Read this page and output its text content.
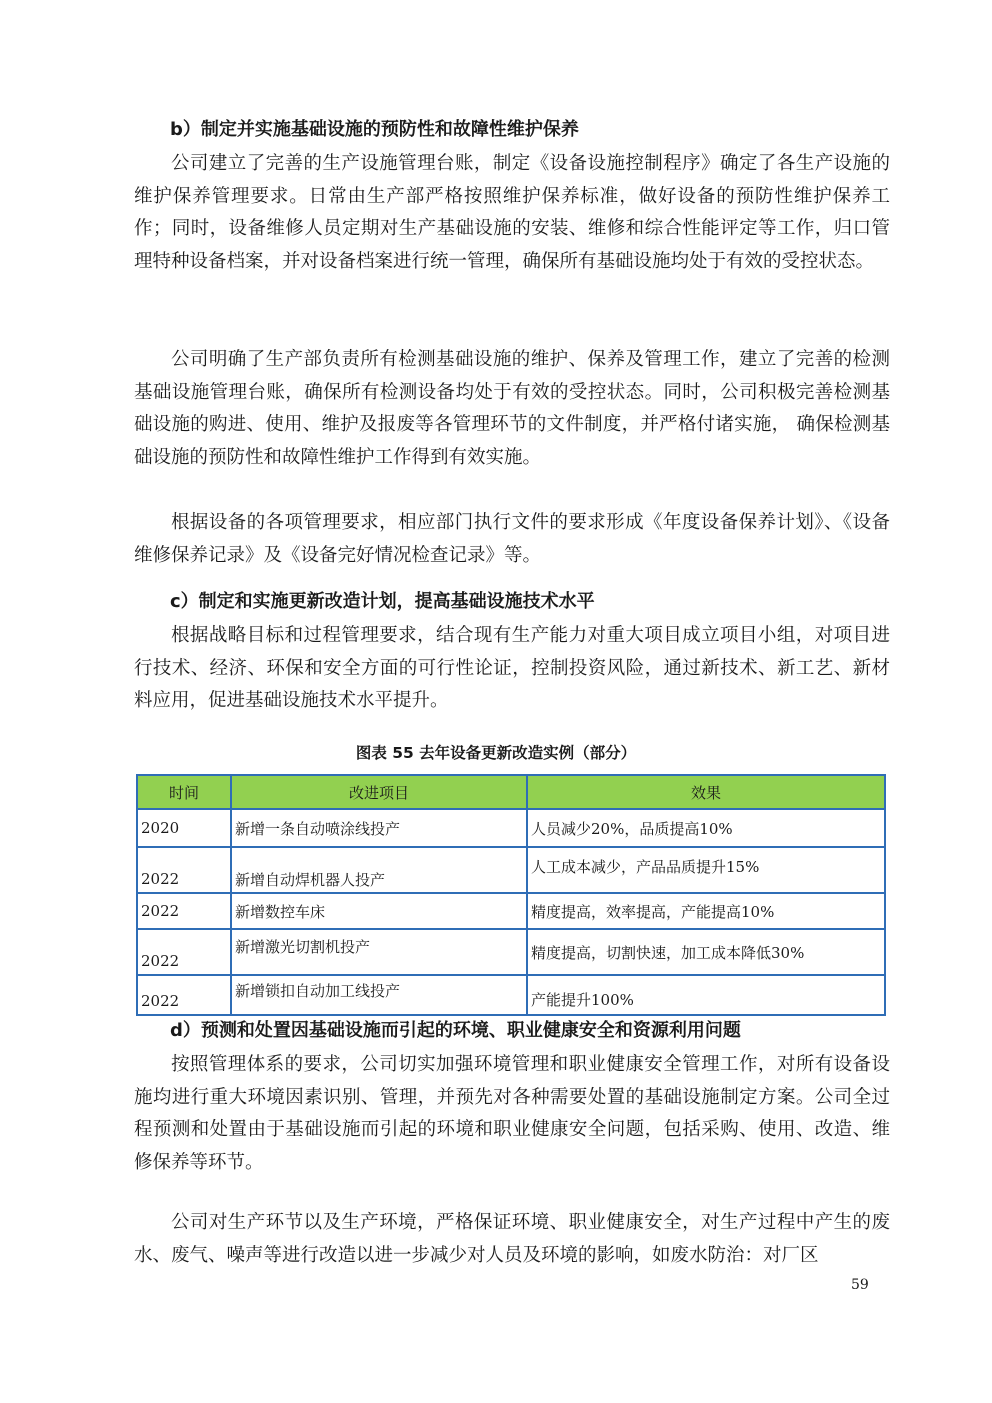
b）制定并实施基础设施的预防性和故障性维护保养

公司建立了完善的生产设施管理台账，制定《设备设施控制程序》确定了各生产设施的维护保养管理要求。日常由生产部严格按照维护保养标准，做好设备的预防性维护保养工作；同时，设备维修人员定期对生产基础设施的安装、维修和综合性能评定等工作，归口管理特种设备档案，并对设备档案进行统一管理，确保所有基础设施均处于有效的受控状态。

公司明确了生产部负责所有检测基础设施的维护、保养及管理工作，建立了完善的检测基础设施管理台账，确保所有检测设备均处于有效的受控状态。同时，公司积极完善检测基础设施的购进、使用、维护及报废等各管理环节的文件制度，并严格付诸实施， 确保检测基础设施的预防性和故障性维护工作得到有效实施。

根据设备的各项管理要求，相应部门执行文件的要求形成《年度设备保养计划》、《设备维修保养记录》及《设备完好情况检查记录》等。

c）制定和实施更新改造计划，提高基础设施技术水平

根据战略目标和过程管理要求，结合现有生产能力对重大项目成立项目小组，对项目进行技术、经济、环保和安全方面的可行性论证，控制投资风险，通过新技术、新工艺、新材料应用，促进基础设施技术水平提升。

图表 55 去年设备更新改造实例（部分）
时间	改进项目	效果
2020	新增一条自动喷涂线投产	人员减少20%，品质提高10%
2022	新增自动焊机器人投产	人工成本减少，产品品质提升15%
2022	新增数控车床	精度提高，效率提高，产能提高10%
2022	新增激光切割机投产	精度提高，切割快速，加工成本降低30%
2022	新增锁扣自动加工线投产	产能提升100%
d）预测和处置因基础设施而引起的环境、职业健康安全和资源利用问题

按照管理体系的要求，公司切实加强环境管理和职业健康安全管理工作，对所有设备设施均进行重大环境因素识别、管理，并预先对各种需要处置的基础设施制定方案。公司全过程预测和处置由于基础设施而引起的环境和职业健康安全问题，包括采购、使用、改造、维修保养等环节。

公司对生产环节以及生产环境，严格保证环境、职业健康安全，对生产过程中产生的废水、废气、噪声等进行改造以进一步减少对人员及环境的影响，如废水防治：对厂区

59
